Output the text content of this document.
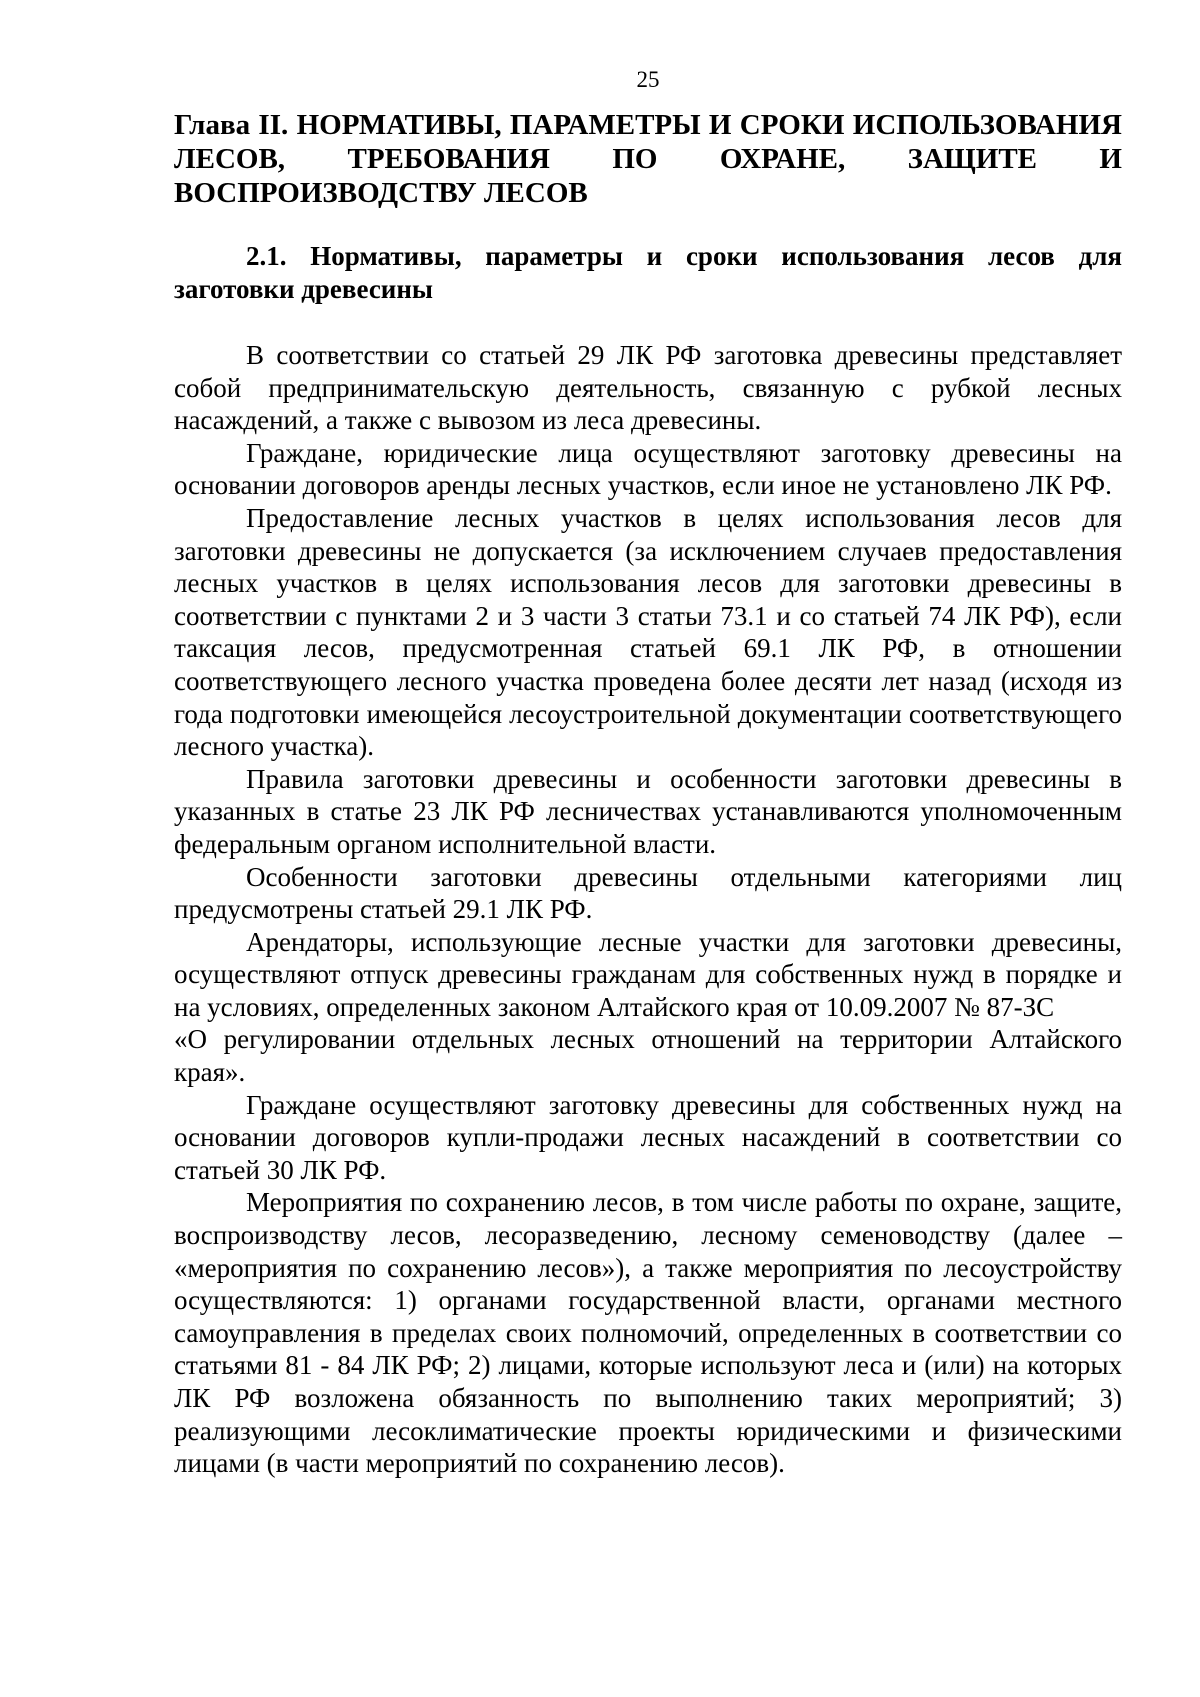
25
Глава II. НОРМАТИВЫ, ПАРАМЕТРЫ И СРОКИ ИСПОЛЬЗОВАНИЯ ЛЕСОВ, ТРЕБОВАНИЯ ПО ОХРАНЕ, ЗАЩИТЕ И ВОСПРОИЗВОДСТВУ ЛЕСОВ
2.1. Нормативы, параметры и сроки использования лесов для заготовки древесины

В соответствии со статьей 29 ЛК РФ заготовка древесины представляет собой предпринимательскую деятельность, связанную с рубкой лесных насаждений, а также с вывозом из леса древесины.

Граждане, юридические лица осуществляют заготовку древесины на основании договоров аренды лесных участков, если иное не установлено ЛК РФ.

Предоставление лесных участков в целях использования лесов для заготовки древесины не допускается (за исключением случаев предоставления лесных участков в целях использования лесов для заготовки древесины в соответствии с пунктами 2 и 3 части 3 статьи 73.1 и со статьей 74 ЛК РФ), если таксация лесов, предусмотренная статьей 69.1 ЛК РФ, в отношении соответствующего лесного участка проведена более десяти лет назад (исходя из года подготовки имеющейся лесоустроительной документации соответствующего лесного участка).

Правила заготовки древесины и особенности заготовки древесины в указанных в статье 23 ЛК РФ лесничествах устанавливаются уполномоченным федеральным органом исполнительной власти.

Особенности заготовки древесины отдельными категориями лиц предусмотрены статьей 29.1 ЛК РФ.

Арендаторы, использующие лесные участки для заготовки древесины, осуществляют отпуск древесины гражданам для собственных нужд в порядке и на условиях, определенных законом Алтайского края от 10.09.2007 № 87-ЗС

«О регулировании отдельных лесных отношений на территории Алтайского края».

Граждане осуществляют заготовку древесины для собственных нужд на основании договоров купли-продажи лесных насаждений в соответствии со статьей 30 ЛК РФ.

Мероприятия по сохранению лесов, в том числе работы по охране, защите, воспроизводству лесов, лесоразведению, лесному семеноводству (далее – «мероприятия по сохранению лесов»), а также мероприятия по лесоустройству осуществляются: 1) органами государственной власти, органами местного самоуправления в пределах своих полномочий, определенных в соответствии со статьями 81 - 84 ЛК РФ; 2) лицами, которые используют леса и (или) на которых ЛК РФ возложена обязанность по выполнению таких мероприятий; 3) реализующими лесоклиматические проекты юридическими и физическими лицами (в части мероприятий по сохранению лесов).
